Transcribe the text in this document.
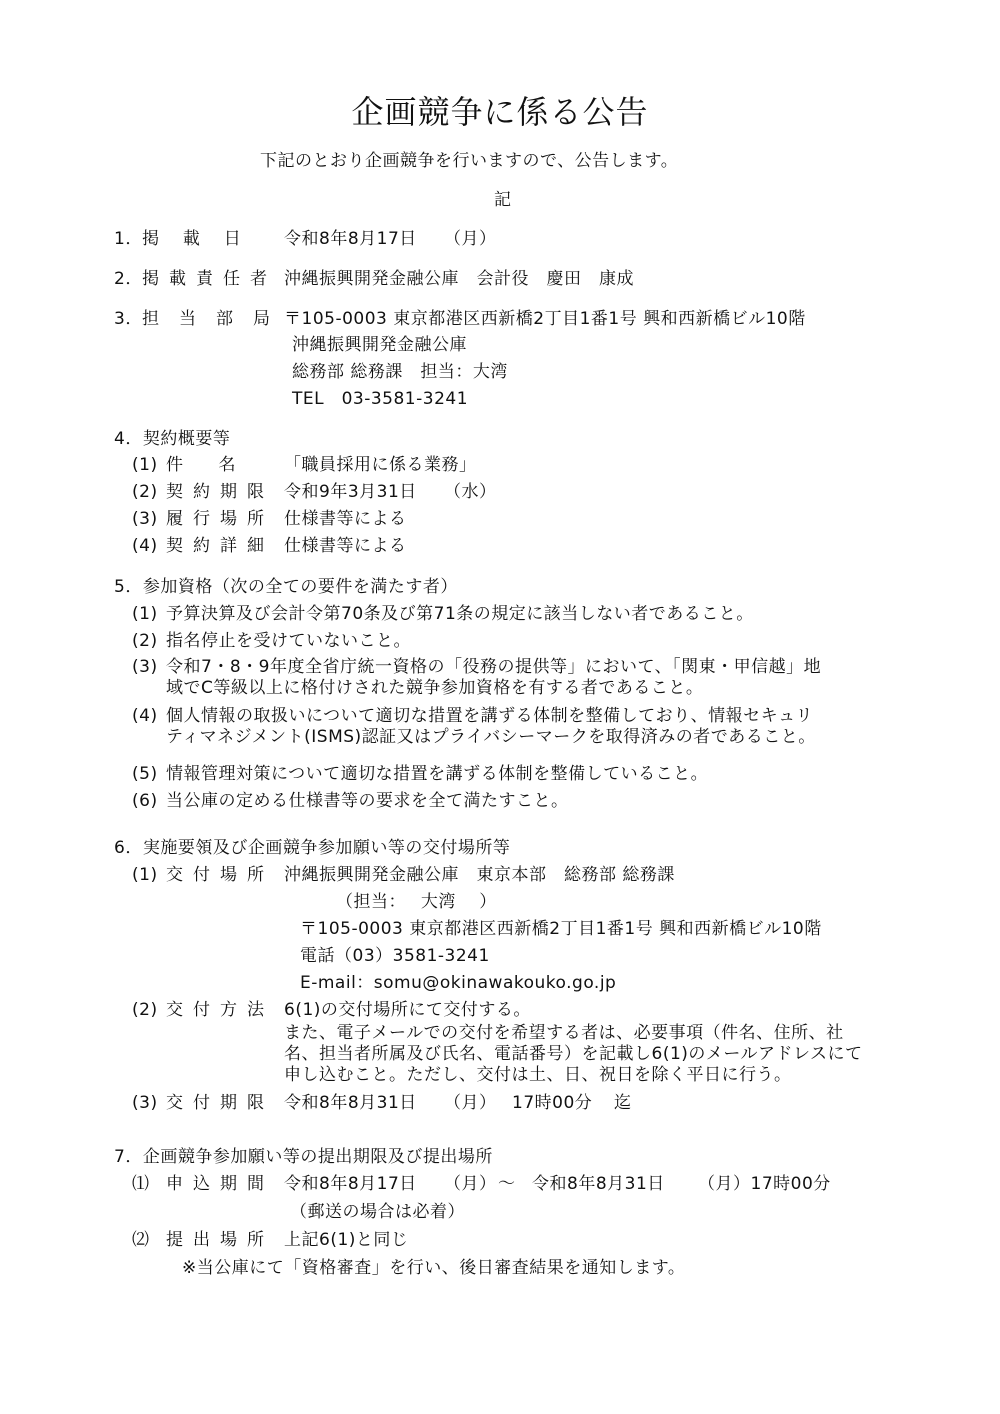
企画競争に係る公告
下記のとおり企画競争を行いますので、公告します。
記
1． 掲　 載　 日	令和8年8月17日 （月）
2． 掲載責任者 沖縄振興開発金融公庫　会計役　慶田　康成
3． 担当部局
〒105-0003 東京都港区西新橋2丁目1番1号 興和西新橋ビル10階
沖縄振興開発金融公庫
総務部 総務課　担当：大湾
TEL　03-3581-3241
4．契約概要等
(1) 件　　名	「職員採用に係る業務」
(2) 契約期限 令和9年3月31日 （水）
(3) 履行場所 仕様書等による
(4) 契約詳細 仕様書等による
5．参加資格（次の全ての要件を満たす者）
(1) 予算決算及び会計令第70条及び第71条の規定に該当しない者であること。
(2) 指名停止を受けていないこと。
(3) 令和7・8・9年度全省庁統一資格の「役務の提供等」において、「関東・甲信越」地
域でC等級以上に格付けされた競争参加資格を有する者であること。
(4) 個人情報の取扱いについて適切な措置を講ずる体制を整備しており、情報セキュリ
ティマネジメント(ISMS)認証又はプライバシーマークを取得済みの者であること。
(5) 情報管理対策について適切な措置を講ずる体制を整備していること。
(6) 当公庫の定める仕様書等の要求を全て満たすこと。
6．実施要領及び企画競争参加願い等の交付場所等
(1) 交付場所 沖縄振興開発金融公庫　東京本部　総務部 総務課
（担当：　 大湾　 ）
〒105-0003 東京都港区西新橋2丁目1番1号 興和西新橋ビル10階
電話（03）3581-3241
E-mail：somu@okinawakouko.go.jp
(2) 交付方法 6(1)の交付場所にて交付する。
また、電子メールでの交付を希望する者は、必要事項（件名、住所、社
名、担当者所属及び氏名、電話番号）を記載し6(1)のメールアドレスにて
申し込むこと。ただし、交付は土、日、祝日を除く平日に行う。
(3) 交付期限 令和8年8月31日 （月） 17時00分 迄
7．企画競争参加願い等の提出期限及び提出場所
⑴ 申込期間 令和8年8月17日 （月） ～ 令和8年8月31日 （月）17時00分
（郵送の場合は必着）
⑵ 提出場所 上記6(1)と同じ
※当公庫にて「資格審査」を行い、後日審査結果を通知します。
